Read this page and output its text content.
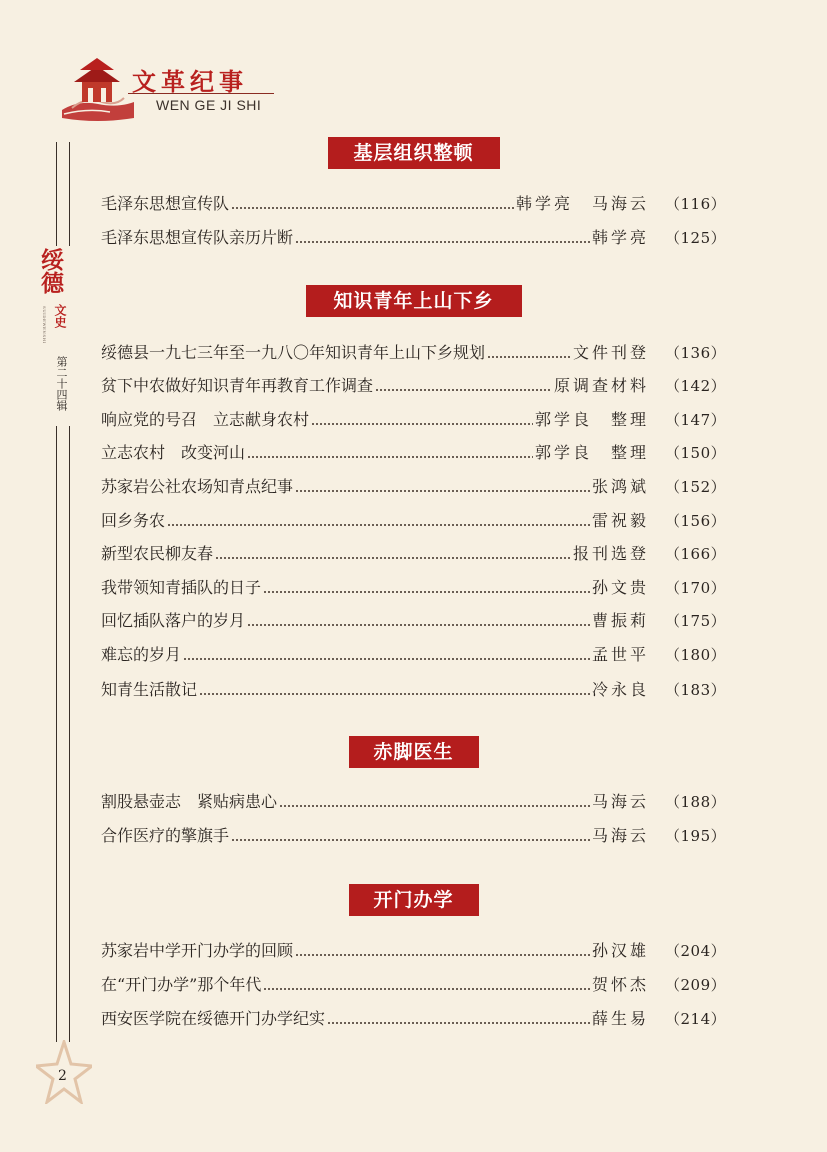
文革纪事
WEN GE JI SHI
绥德
文史
SUIDEWENSHI
第二十四辑
基层组织整顿
毛泽东思想宣传队	韩学亮　马海云 （116）
毛泽东思想宣传队亲历片断	韩学亮 （125）
知识青年上山下乡
绥德县一九七三年至一九八〇年知识青年上山下乡规划	文件刊登 （136）
贫下中农做好知识青年再教育工作调查	原调查材料 （142）
响应党的号召　立志献身农村	郭学良　整理 （147）
立志农村　改变河山	郭学良　整理 （150）
苏家岩公社农场知青点纪事	张鸿斌 （152）
回乡务农	雷祝毅 （156）
新型农民柳友春	报刊选登 （166）
我带领知青插队的日子	孙文贵 （170）
回忆插队落户的岁月	曹振莉 （175）
难忘的岁月	孟世平 （180）
知青生活散记	冷永良 （183）
赤脚医生
割股悬壶志　紧贴病患心	马海云 （188）
合作医疗的擎旗手	马海云 （195）
开门办学
苏家岩中学开门办学的回顾	孙汉雄 （204）
在“开门办学”那个年代	贺怀杰 （209）
西安医学院在绥德开门办学纪实	薛生易 （214）
2
